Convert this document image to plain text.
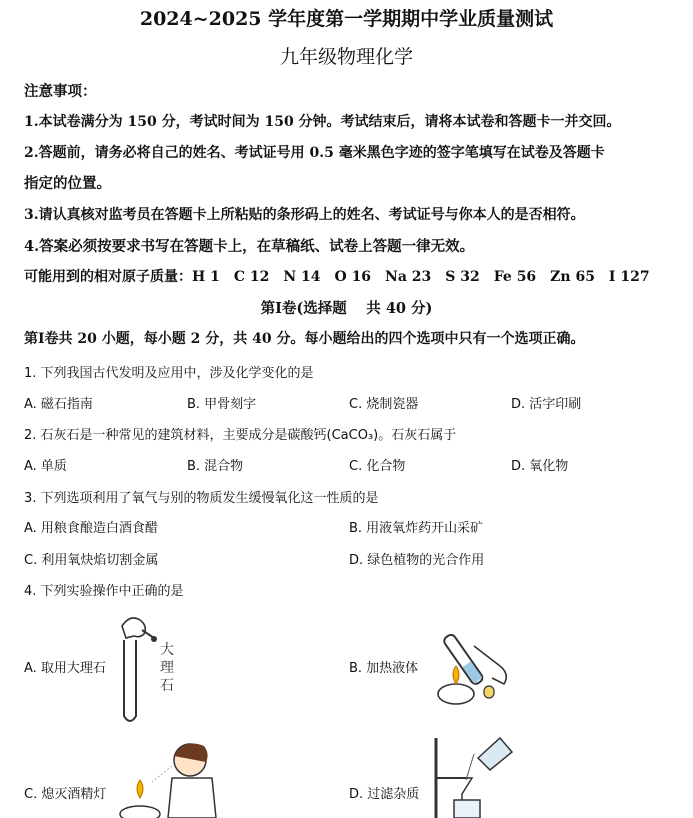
2024~2025 学年度第一学期期中学业质量测试
九年级物理化学
注意事项：
1.本试卷满分为 150 分，考试时间为 150 分钟。考试结束后，请将本试卷和答题卡一并交回。
2.答题前，请务必将自己的姓名、考试证号用 0.5 毫米黑色字迹的签字笔填写在试卷及答题卡
指定的位置。
3.请认真核对监考员在答题卡上所粘贴的条形码上的姓名、考试证号与你本人的是否相符。
4.答案必须按要求书写在答题卡上，在草稿纸、试卷上答题一律无效。
可能用到的相对原子质量：H 1　C 12　N 14　O 16　Na 23　S 32　Fe 56　Zn 65　I 127
第Ⅰ卷(选择题　 共 40 分)
第Ⅰ卷共 20 小题，每小题 2 分，共 40 分。每小题给出的四个选项中只有一个选项正确。
1. 下列我国古代发明及应用中，涉及化学变化的是
A. 磁石指南	B. 甲骨刻字	C. 烧制瓷器	D. 活字印刷
2. 石灰石是一种常见的建筑材料，主要成分是碳酸钙(CaCO₃)。石灰石属于
A. 单质	B. 混合物	C. 化合物	D. 氧化物
3. 下列选项利用了氧气与别的物质发生缓慢氧化这一性质的是
A. 用粮食酿造白酒食醋	B. 用液氧炸药开山采矿
C. 利用氧炔焰切割金属	D. 绿色植物的光合作用
4. 下列实验操作中正确的是
A. 取用大理石	B. 加热液体
C. 熄灭酒精灯	D. 过滤杂质
大
理
石
